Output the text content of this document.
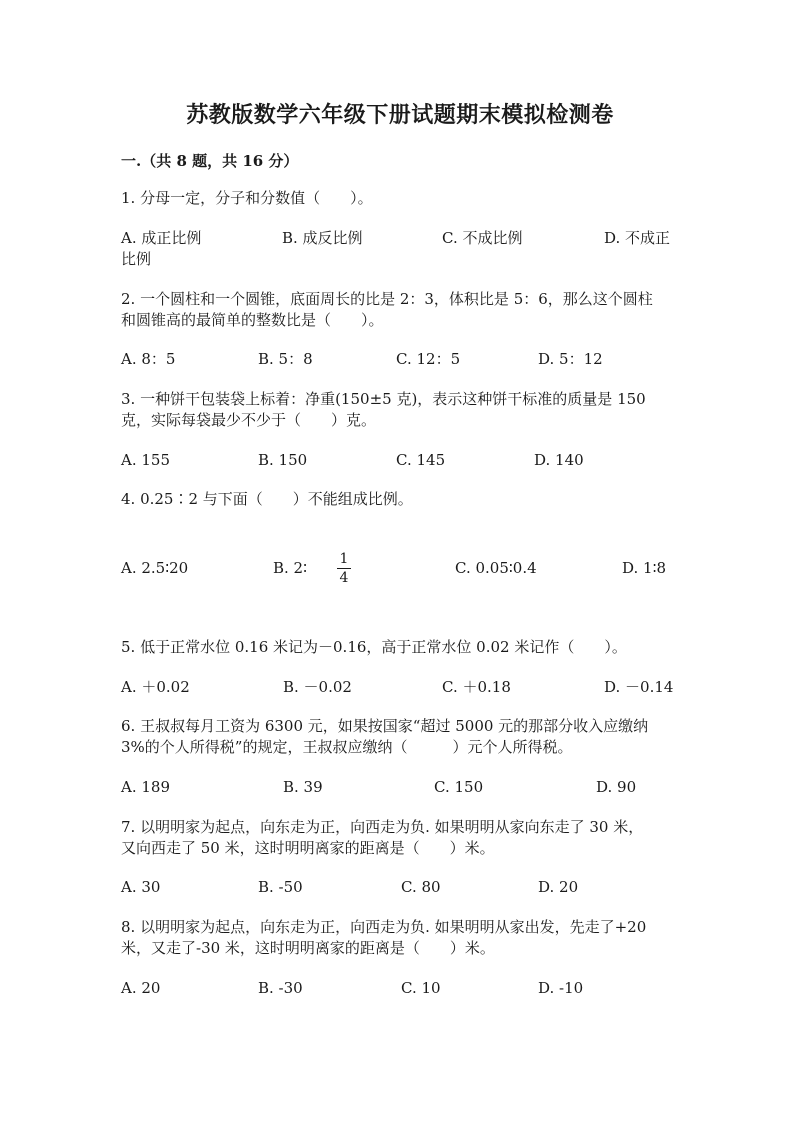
苏教版数学六年级下册试题期末模拟检测卷
一.（共 8 题，共 16 分）
1. 分母一定，分子和分数值（　　）。
A. 成正比例	B. 成反比例	C. 不成比例	D. 不成正
比例
2. 一个圆柱和一个圆锥，底面周长的比是 2：3，体积比是 5：6，那么这个圆柱
和圆锥高的最简单的整数比是（　　）。
A. 8：5	B. 5：8	C. 12：5	D. 5：12
3. 一种饼干包装袋上标着：净重(150±5 克)，表示这种饼干标准的质量是 150
克，实际每袋最少不少于（　　）克。
A. 155	B. 150	C. 145	D. 140
4. 0.25∶2 与下面（　　）不能组成比例。
A. 2.5∶20	B. 2∶ 1
4
C. 0.05∶0.4	D. 1∶8
5. 低于正常水位 0.16 米记为－0.16，高于正常水位 0.02 米记作（　　）。
A. ＋0.02	B. －0.02	C. ＋0.18	D. －0.14
6. 王叔叔每月工资为 6300 元，如果按国家“超过 5000 元的那部分收入应缴纳
3%的个人所得税”的规定，王叔叔应缴纳（　　　）元个人所得税。
A. 189	B. 39	C. 150	D. 90
7. 以明明家为起点，向东走为正，向西走为负. 如果明明从家向东走了 30 米，
又向西走了 50 米，这时明明离家的距离是（　　）米。
A. 30	B. -50	C. 80	D. 20
8. 以明明家为起点，向东走为正，向西走为负. 如果明明从家出发，先走了+20
米，又走了-30 米，这时明明离家的距离是（　　）米。
A. 20	B. -30	C. 10	D. -10
